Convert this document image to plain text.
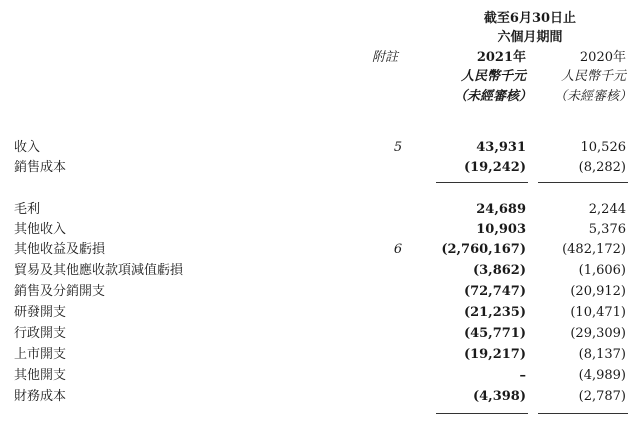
截至6月30日止
六個月期間
附註	2021年	2020年
人民幣千元	人民幣千元
（未經審核） （未經審核）
收入	5	43,931	10,526
銷售成本	(19,242)	(8,282)
毛利	24,689	2,244
其他收入	10,903	5,376
其他收益及虧損	6	(2,760,167)	(482,172)
貿易及其他應收款項減值虧損	(3,862)	(1,606)
銷售及分銷開支	(72,747)	(20,912)
研發開支	(21,235)	(10,471)
行政開支	(45,771)	(29,309)
上市開支	(19,217)	(8,137)
其他開支	–	(4,989)
財務成本	(4,398)	(2,787)
